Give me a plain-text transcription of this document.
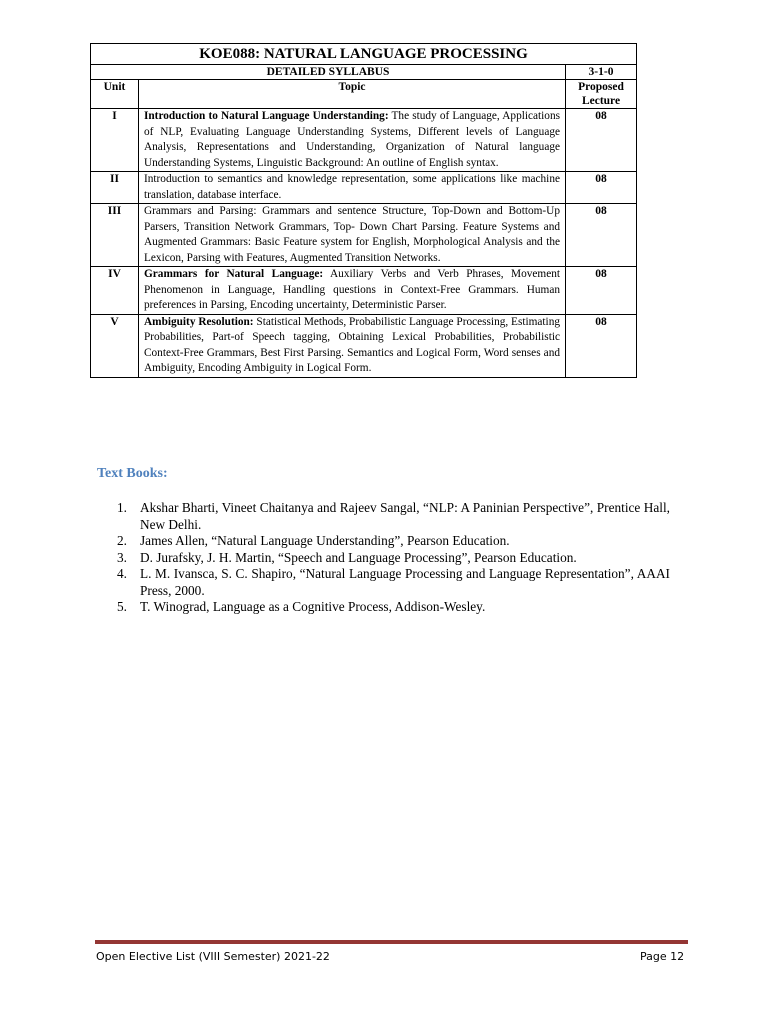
KOE088: NATURAL LANGUAGE PROCESSING		
DETAILED SYLLABUS		3-1-0
Unit	Topic	Proposed Lecture
I	Introduction to Natural Language Understanding: The study of Language, Applications of NLP, Evaluating Language Understanding Systems, Different levels of Language Analysis, Representations and Understanding, Organization of Natural language Understanding Systems, Linguistic Background: An outline of English syntax.	08
II	Introduction to semantics and knowledge representation, some applications like machine translation, database interface.	08
III	Grammars and Parsing: Grammars and sentence Structure, Top-Down and Bottom-Up Parsers, Transition Network Grammars, Top- Down Chart Parsing. Feature Systems and Augmented Grammars: Basic Feature system for English, Morphological Analysis and the Lexicon, Parsing with Features, Augmented Transition Networks.	08
IV	Grammars for Natural Language: Auxiliary Verbs and Verb Phrases, Movement Phenomenon in Language, Handling questions in Context-Free Grammars. Human preferences in Parsing, Encoding uncertainty, Deterministic Parser.	08
V	Ambiguity Resolution: Statistical Methods, Probabilistic Language Processing, Estimating Probabilities, Part-of Speech tagging, Obtaining Lexical Probabilities, Probabilistic Context-Free Grammars, Best First Parsing. Semantics and Logical Form, Word senses and Ambiguity, Encoding Ambiguity in Logical Form.	08
Text Books:
1. Akshar Bharti, Vineet Chaitanya and Rajeev Sangal, “NLP: A Paninian Perspective”, Prentice Hall, New Delhi.
2. James Allen, “Natural Language Understanding”, Pearson Education.
3. D. Jurafsky, J. H. Martin, “Speech and Language Processing”, Pearson Education.
4. L. M. Ivansca, S. C. Shapiro, “Natural Language Processing and Language Representation”, AAAI Press, 2000.
5. T. Winograd, Language as a Cognitive Process, Addison-Wesley.
Open Elective List (VIII Semester) 2021-22	Page 12
